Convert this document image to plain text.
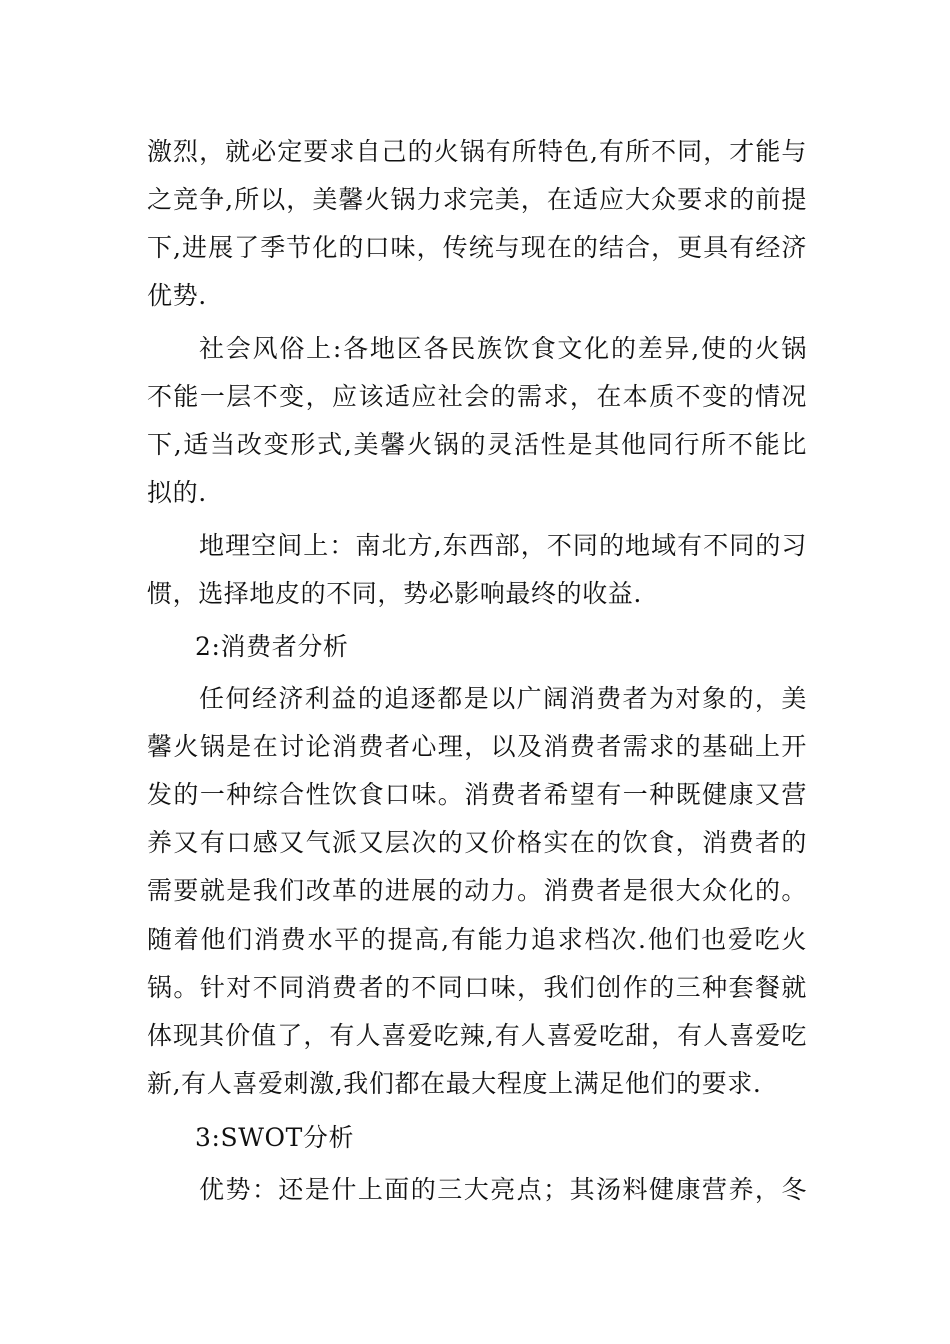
激烈，就必定要求自己的火锅有所特色,有所不同，才能与

之竞争,所以，美馨火锅力求完美，在适应大众要求的前提

下,进展了季节化的口味，传统与现在的结合，更具有经济

优势.

社会风俗上:各地区各民族饮食文化的差异,使的火锅

不能一层不变，应该适应社会的需求，在本质不变的情况

下,适当改变形式,美馨火锅的灵活性是其他同行所不能比

拟的.

地理空间上：南北方,东西部，不同的地域有不同的习

惯，选择地皮的不同，势必影响最终的收益.

2:消费者分析

任何经济利益的追逐都是以广阔消费者为对象的，美

馨火锅是在讨论消费者心理，以及消费者需求的基础上开

发的一种综合性饮食口味。消费者希望有一种既健康又营

养又有口感又气派又层次的又价格实在的饮食，消费者的

需要就是我们改革的进展的动力。消费者是很大众化的。

随着他们消费水平的提高,有能力追求档次.他们也爱吃火

锅。针对不同消费者的不同口味，我们创作的三种套餐就

体现其价值了，有人喜爱吃辣,有人喜爱吃甜，有人喜爱吃

新,有人喜爱刺激,我们都在最大程度上满足他们的要求.

3:SWOT分析

优势：还是什上面的三大亮点；其汤料健康营养，冬
